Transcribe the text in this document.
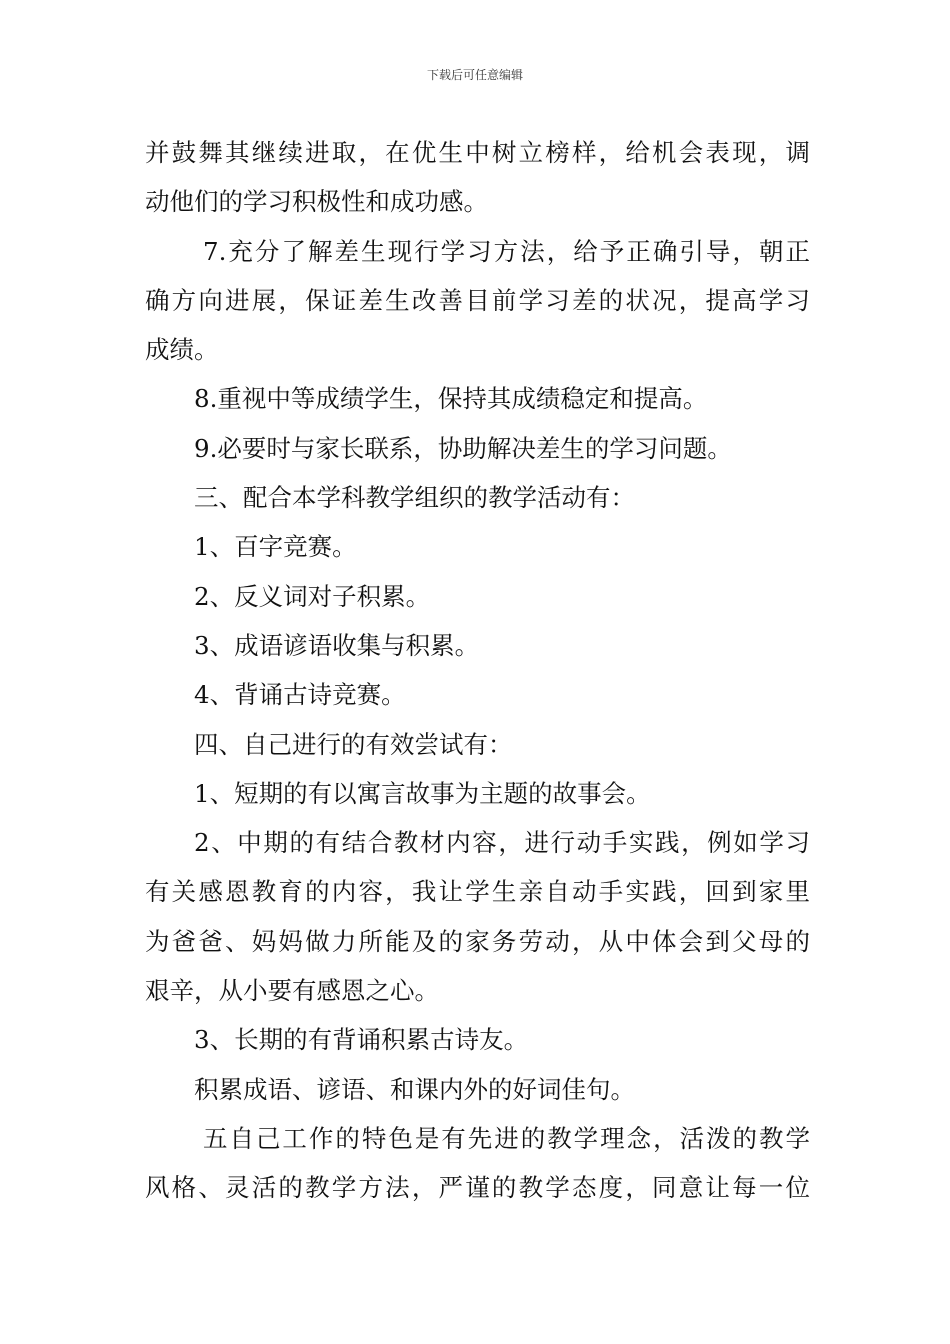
下载后可任意编辑
并鼓舞其继续进取，在优生中树立榜样，给机会表现，调
动他们的学习积极性和成功感。
7.充分了解差生现行学习方法，给予正确引导，朝正
确方向进展，保证差生改善目前学习差的状况，提高学习
成绩。
8.重视中等成绩学生，保持其成绩稳定和提高。
9.必要时与家长联系，协助解决差生的学习问题。
三、配合本学科教学组织的教学活动有：
1、百字竞赛。
2、反义词对子积累。
3、成语谚语收集与积累。
4、背诵古诗竞赛。
四、自己进行的有效尝试有：
1、短期的有以寓言故事为主题的故事会。
2、中期的有结合教材内容，进行动手实践，例如学习
有关感恩教育的内容，我让学生亲自动手实践，回到家里
为爸爸、妈妈做力所能及的家务劳动，从中体会到父母的
艰辛，从小要有感恩之心。
3、长期的有背诵积累古诗友。
积累成语、谚语、和课内外的好词佳句。
五自己工作的特色是有先进的教学理念，活泼的教学
风格、灵活的教学方法，严谨的教学态度，同意让每一位
